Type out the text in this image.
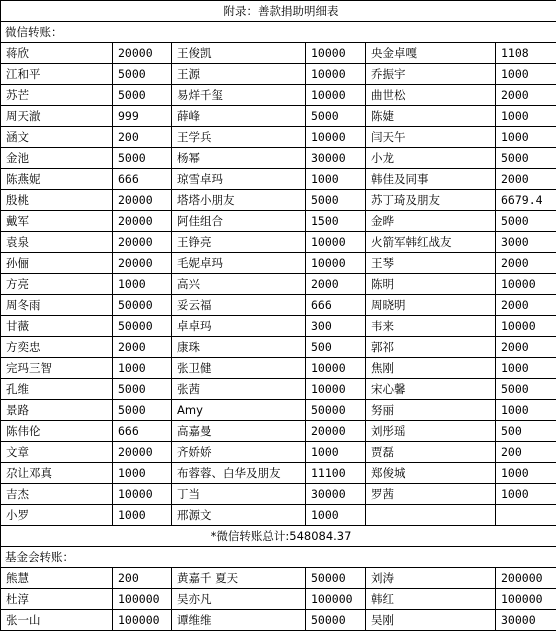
附录：善款捐助明细表					
微信转账：					
蒋欣	20000	王俊凯	10000	央金卓嘎	1108
江和平	5000	王源	10000	乔振宇	1000
苏芒	5000	易烊千玺	10000	曲世松	2000
周天澈	999	薛峰	5000	陈婕	1000
涵文	200	王学兵	10000	闫天午	1000
金池	5000	杨幂	30000	小龙	5000
陈燕妮	666	琼雪卓玛	1000	韩佳及同事	2000
殷桃	20000	塔塔小朋友	5000	苏丁琦及朋友	6679.4
戴军	20000	阿佳组合	1500	金晔	5000
袁泉	20000	王铮亮	10000	火箭军韩红战友	3000
孙俪	20000	毛妮卓玛	10000	王琴	2000
方亮	1000	高兴	2000	陈明	10000
周冬雨	50000	妥云福	666	周晓明	2000
甘薇	50000	卓卓玛	300	韦来	10000
方奕忠	2000	康珠	500	郭祁	2000
完玛三智	1000	张卫健	10000	焦刚	1000
孔维	5000	张茜	10000	宋心馨	5000
景路	5000	Amy	50000	努丽	1000
陈伟伦	666	高嘉曼	20000	刘彤瑶	500
文章	20000	齐娇娇	1000	贾磊	200
尕让邓真	1000	布蓉蓉、白华及朋友	11100	郑俊城	1000
吉杰	10000	丁当	30000	罗茜	1000
小罗	1000	邢源文	1000		
*微信转账总计:548084.37					
基金会转账：					
熊慧	200	黄嘉千 夏天	50000	刘涛	200000
杜淳	100000	吴亦凡	100000	韩红	100000
张一山	100000	谭维维	50000	吴刚	30000
